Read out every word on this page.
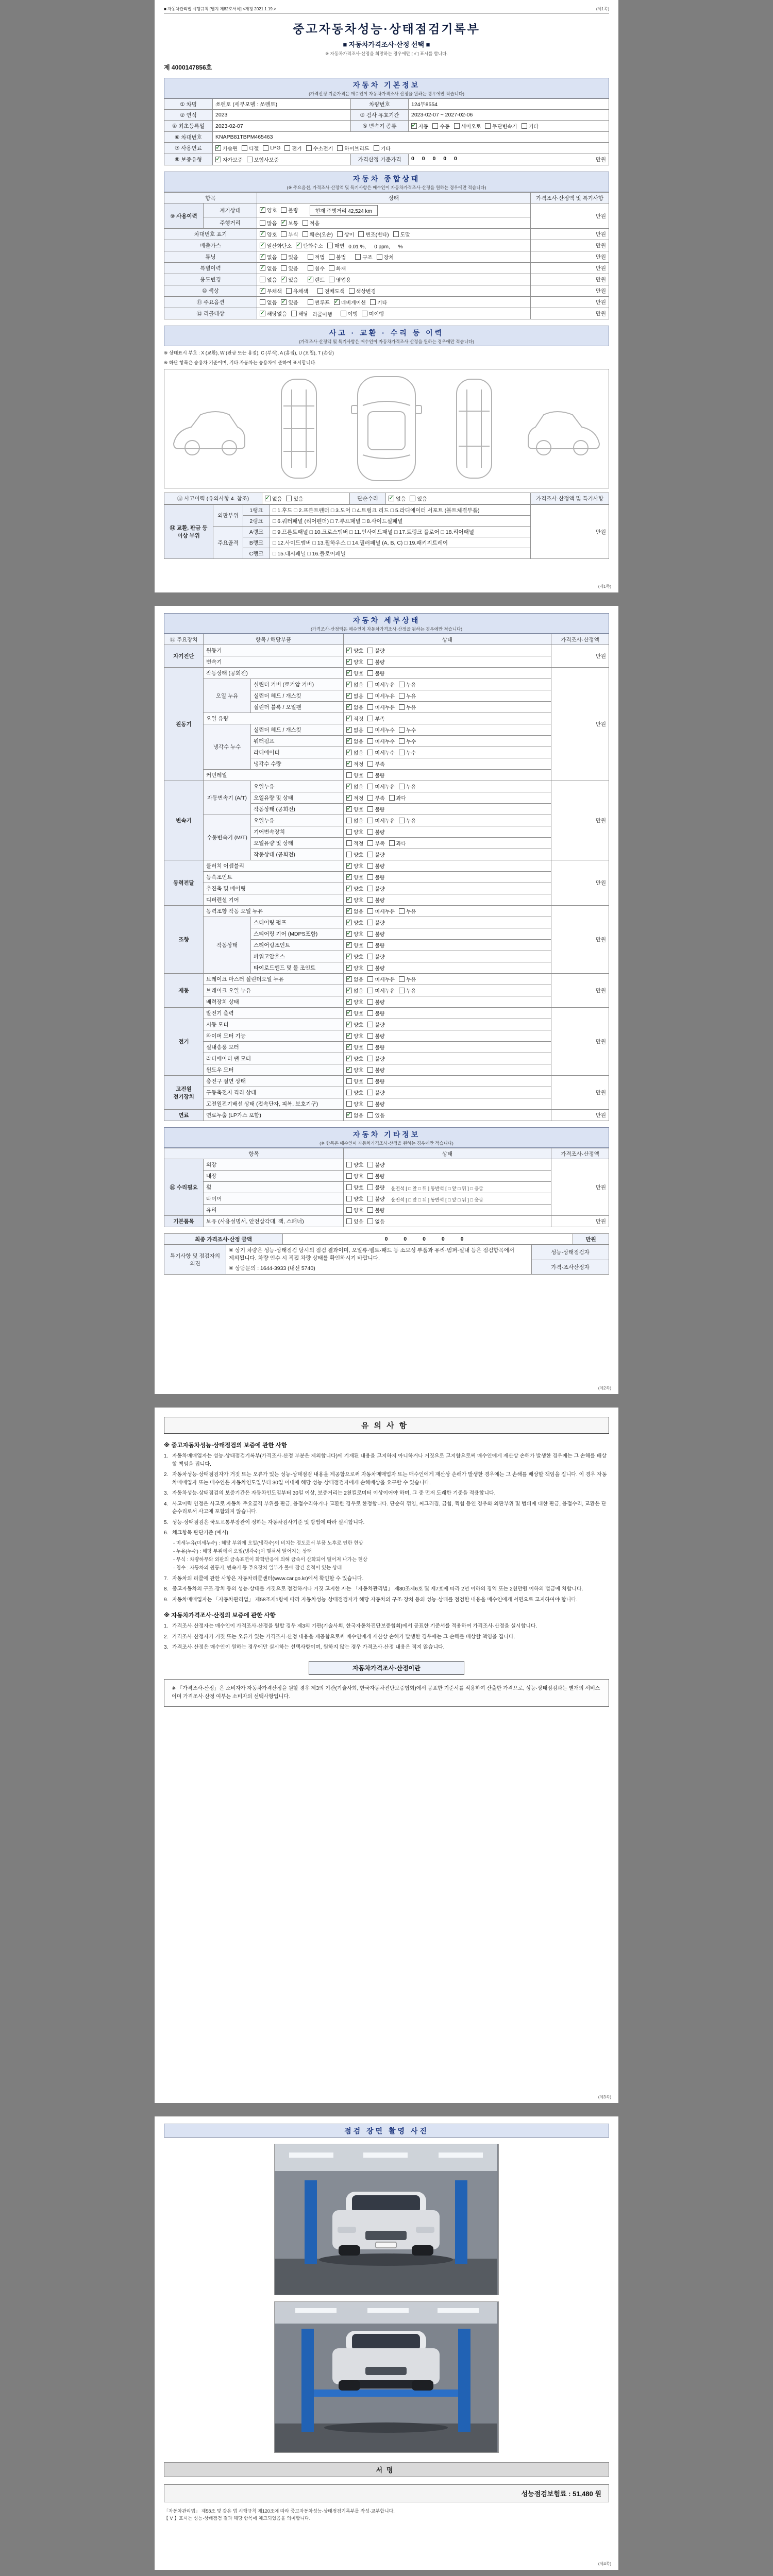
■ 자동차관리법 시행규칙 [별지 제82호서식] <개정 2021.1.19.>	(제1쪽)
중고자동차성능·상태점검기록부
■ 자동차가격조사·산정 선택 ■
※ 자동차가격조사·산정을 희망하는 경우에만 [ √ ] 표시를 합니다.
제 4000147856호
자동차 기본정보
(가격산정 기준가격은 매수인이 자동차가격조사·산정을 원하는 경우에만 적습니다)
① 차명	쏘렌토 (세부모델 : 쏘렌토)	차량번호	124무8554
② 연식	2023	③ 검사 유효기간	2023-02-07 ~ 2027-02-06
④ 최초등록일	2023-02-07	⑤ 변속기 종류	
✓자동 수동 세미오토 무단변속기 기타

⑥ 차대번호	KNAPB81TBPM465463		
⑦ 사용연료	
✓가솔린 디젤 LPG 전기 수소전기 하이브리드 기타

⑧ 보증유형	
✓자가보증 보험사보증	가격산정 기준가격	0 0 0 0 0 만원
자동차 종합상태
(※ 주요옵션, 가격조사·산정액 및 특기사항은 매수인이 자동차가격조사·산정을 원하는 경우에만 적습니다)
항목		상태	가격조사·산정액 및 특기사항
⑨ 사용이력	계기상태	
✓양호 불량 현재 주행거리 42,524 km	만원
	주행거리	많음 ✓ 보통 적음

차대번호 표기	
✓양호 부식 훼손(오손) 상이 변조(변타) 도말	만원
배출가스	
✓일산화탄소 ✓ 탄화수소 매연 0.01 %, 0 ppm, %	만원
튜닝	
✓없음 있음	적법 불법	구조 장치	만원
특별이력	
✓없음 있음 침수 화재	만원
용도변경		없음 ✓ 있음 ✓ 렌트 영업용	만원
⑩ 색상	
✓무채색 유채색 전체도색 색상변경	만원
⑪ 주요옵션		없음 ✓ 있음 썬루프 ✓ 네비게이션 기타	만원
⑫ 리콜대상	
✓해당없음 해당 리콜이행 이행 미이행	만원
사고 · 교환 · 수리 등 이력
(가격조사·산정액 및 특기사항은 매수인이 자동차가격조사·산정을 원하는 경우에만 적습니다)
※ 상태표시 부호 : X (교환), W (판금 또는 용접), C (부식), A (흠집), U (요철), T (손상)
※ 하단 항목은 승용차 기준이며, 기타 자동차는 승용차에 준하여 표시합니다.
⑬ 사고이력 (유의사항 4. 참조)	
✓없음 있음	단순수리	
✓없음 있음	가격조사·산정액 및 특기사항
⑭ 교환, 판금 등 이상 부위	외판부위	1랭크	□ 1.후드 □ 2.프론트펜더 □ 3.도어 □ 4.트렁크 리드 □ 5.라디에이터 서포트 (볼트체결부품)	만원
		2랭크	□ 6.쿼터패널 (리어펜더) □ 7.루프패널 □ 8.사이드실패널	
	주요골격	A랭크	□ 9.프론트패널 □ 10.크로스멤버 □ 11.인사이드패널 □ 17.트렁크 플로어 □ 18.리어패널	
		B랭크	□ 12.사이드멤버 □ 13.휠하우스 □ 14.필러패널 (A, B, C) □ 19.패키지트레이	
		C랭크	□ 15.대시패널 □ 16.플로어패널	
(제1쪽)
자동차 세부상태
(가격조사·산정액은 매수인이 자동차가격조사·산정을 원하는 경우에만 적습니다)
⑮ 주요장치	항목 / 해당부품		상태	가격조사·산정액
자기진단	원동기	
✓양호 불량	만원
	변속기	
✓양호 불량

원동기	작동상태 (공회전)	
✓양호 불량	만원
	오일 누유	실린더 커버 (로커암 커버)	
✓없음 미세누유 누유

		실린더 헤드 / 개스킷	
✓없음 미세누유 누유

		실린더 블록 / 오일팬	
✓없음 미세누유 누유

	오일 유량	
✓적정 부족

	냉각수 누수	실린더 헤드 / 개스킷	
✓없음 미세누수 누수

		워터펌프	
✓없음 미세누수 누수

		라디에이터	
✓없음 미세누수 누수

		냉각수 수량	
✓적정 부족

	커먼레일		양호 불량	

변속기	자동변속기 (A/T)	오일누유	
✓없음 미세누유 누유	만원
		오일유량 및 상태	
✓적정 부족 과다

		작동상태 (공회전)	
✓양호 불량

	수동변속기 (M/T)	오일누유	없음 미세누유 누유	

		기어변속장치	양호 불량	

		오일유량 및 상태	적정 부족 과다	

		작동상태 (공회전)	양호 불량	

동력전달	클러치 어셈블리	
✓양호 불량	만원
	등속조인트	
✓양호 불량

	추진축 및 베어링	
✓양호 불량

	디퍼렌셜 기어	
✓양호 불량

조향	동력조향 작동 오일 누유	
✓없음 미세누유 누유	만원
	작동상태	스티어링 펌프	
✓양호 불량

		스티어링 기어 (MDPS포함)	
✓양호 불량

		스티어링조인트	
✓양호 불량

		파워고압호스	
✓양호 불량

		타이로드엔드 및 볼 조인트	
✓양호 불량

제동	브레이크 마스터 실린더오일 누유	
✓없음 미세누유 누유	만원
	브레이크 오일 누유	
✓없음 미세누유 누유

	배력장치 상태	
✓양호 불량

전기	발전기 출력	
✓양호 불량	만원
	시동 모터	
✓양호 불량

	와이퍼 모터 기능	
✓양호 불량

	실내송풍 모터	
✓양호 불량

	라디에이터 팬 모터	
✓양호 불량

	윈도우 모터	
✓양호 불량

고전원 전기장치	충전구 절연 상태		양호 불량	만원
	구동축전지 격리 상태		양호 불량	

	고전원전기배선 상태 (접속단자, 피복, 보호기구)		양호 불량	

연료	연료누출 (LP가스 포함)	
✓없음 있음	만원
자동차 기타정보
(※ 항목은 매수인이 자동차가격조사·산정을 원하는 경우에만 적습니다)
항목		상태	가격조사·산정액
⑯ 수리필요	외장	양호 불량	만원
	내장	양호 불량	

	휠	양호 불량 운전석 [ □ 앞 □ 뒤 ] 동반석 [ □ 앞 □ 뒤 ] □ 응급	
	타이어	양호 불량 운전석 [ □ 앞 □ 뒤 ] 동반석 [ □ 앞 □ 뒤 ] □ 응급	
	유리	양호 불량	

기본품목	보유 (사용설명서, 안전삼각대, 잭, 스패너)	있음 없음	만원
최종 가격조사·산정 금액	0 0 0 0 0	만원
특기사항 및 점검자의 의견	
※ 상기 차량은 성능·상태점검 당시의 점검 결과이며, 오일류·벨트·패드 등 소모성 부품과 유리·범퍼·실내 등은 점검항목에서 제외됩니다. 차량 인수 시 직접 차량 상태를 확인하시기 바랍니다.
※ 상담문의 : 1644-3933 (내선 5740)
	성능·상태점검자
가격·조사산정자
(제2쪽)
유의사항
※ 중고자동차성능·상태점검의 보증에 관한 사항
1. 자동차매매업자는 성능·상태점검기록부(가격조사·산정 부분은 제외합니다)에 기재된 내용을 고지하지 아니하거나 거짓으로 고지함으로써 매수인에게 재산상 손해가 발생한 경우에는 그 손해를 배상할 책임을 집니다.
2. 자동차성능·상태점검자가 거짓 또는 오류가 있는 성능·상태점검 내용을 제공함으로써 자동차매매업자 또는 매수인에게 재산상 손해가 발생한 경우에는 그 손해를 배상할 책임을 집니다. 이 경우 자동차매매업자 또는 매수인은 자동차인도일부터 30일 이내에 해당 성능·상태점검자에게 손해배상을 요구할 수 있습니다.
3. 자동차성능·상태점검의 보증기간은 자동차인도일부터 30일 이상, 보증거리는 2천킬로미터 이상이어야 하며, 그 중 먼저 도래한 기준을 적용합니다.
4. 사고이력 인정은 사고로 자동차 주요골격 부위를 판금, 용접수리하거나 교환한 경우로 한정합니다. 단순히 꺾임, 찌그러짐, 긁힘, 찍힘 등인 경우와 외판부위 및 범퍼에 대한 판금, 용접수리, 교환은 단순수리로서 사고에 포함되지 않습니다.
5. 성능·상태점검은 국토교통부장관이 정하는 자동차검사기준 및 방법에 따라 실시합니다.
6. 체크항목 판단기준 (예시)
- 미세누유(미세누수) : 해당 부위에 오일(냉각수)이 비치는 정도로서 부품 노후로 인한 현상
- 누유(누수) : 해당 부위에서 오일(냉각수)이 맺혀서 떨어지는 상태
- 부식 : 차량하부와 외판의 금속표면이 화학반응에 의해 금속이 산화되어 떨어져 나가는 현상
- 침수 : 자동차의 원동기, 변속기 등 주요장치 일부가 물에 잠긴 흔적이 있는 상태
7. 자동차의 리콜에 관한 사항은 자동차리콜센터(www.car.go.kr)에서 확인할 수 있습니다.
8. 중고자동차의 구조·장치 등의 성능·상태를 거짓으로 점검하거나 거짓 고지한 자는 「자동차관리법」 제80조제6호 및 제7호에 따라 2년 이하의 징역 또는 2천만원 이하의 벌금에 처합니다.
9. 자동차매매업자는 「자동차관리법」 제58조제1항에 따라 자동차성능·상태점검자가 해당 자동차의 구조·장치 등의 성능·상태를 점검한 내용을 매수인에게 서면으로 고지하여야 합니다.
※ 자동차가격조사·산정의 보증에 관한 사항
1. 가격조사·산정자는 매수인이 가격조사·산정을 원할 경우 제3의 기관(기술사회, 한국자동차진단보증협회)에서 공표한 기준서를 적용하여 가격조사·산정을 실시합니다.
2. 가격조사·산정자가 거짓 또는 오류가 있는 가격조사·산정 내용을 제공함으로써 매수인에게 재산상 손해가 발생한 경우에는 그 손해를 배상할 책임을 집니다.
3. 가격조사·산정은 매수인이 원하는 경우에만 실시하는 선택사항이며, 원하지 않는 경우 가격조사·산정 내용은 적지 않습니다.
자동차가격조사·산정이란
※ 「가격조사·산정」은 소비자가 자동차가격산정을 원할 경우 제3의 기관(기술사회, 한국자동차진단보증협회)에서 공표한 기준서를 적용하여 산출한 가격으로, 성능·상태점검과는 별개의 서비스이며 가격조사·산정 여부는 소비자의 선택사항입니다.
(제3쪽)
점검 장면 촬영 사진
서명
성능점검보험료 : 51,480 원
「자동차관리법」 제58조 및 같은 법 시행규칙 제120조에 따라 중고자동차성능·상태점검기록부를 작성·교부합니다.
【 V 】표시는 성능·상태점검 결과 해당 항목에 체크되었음을 의미합니다.
(제4쪽)
